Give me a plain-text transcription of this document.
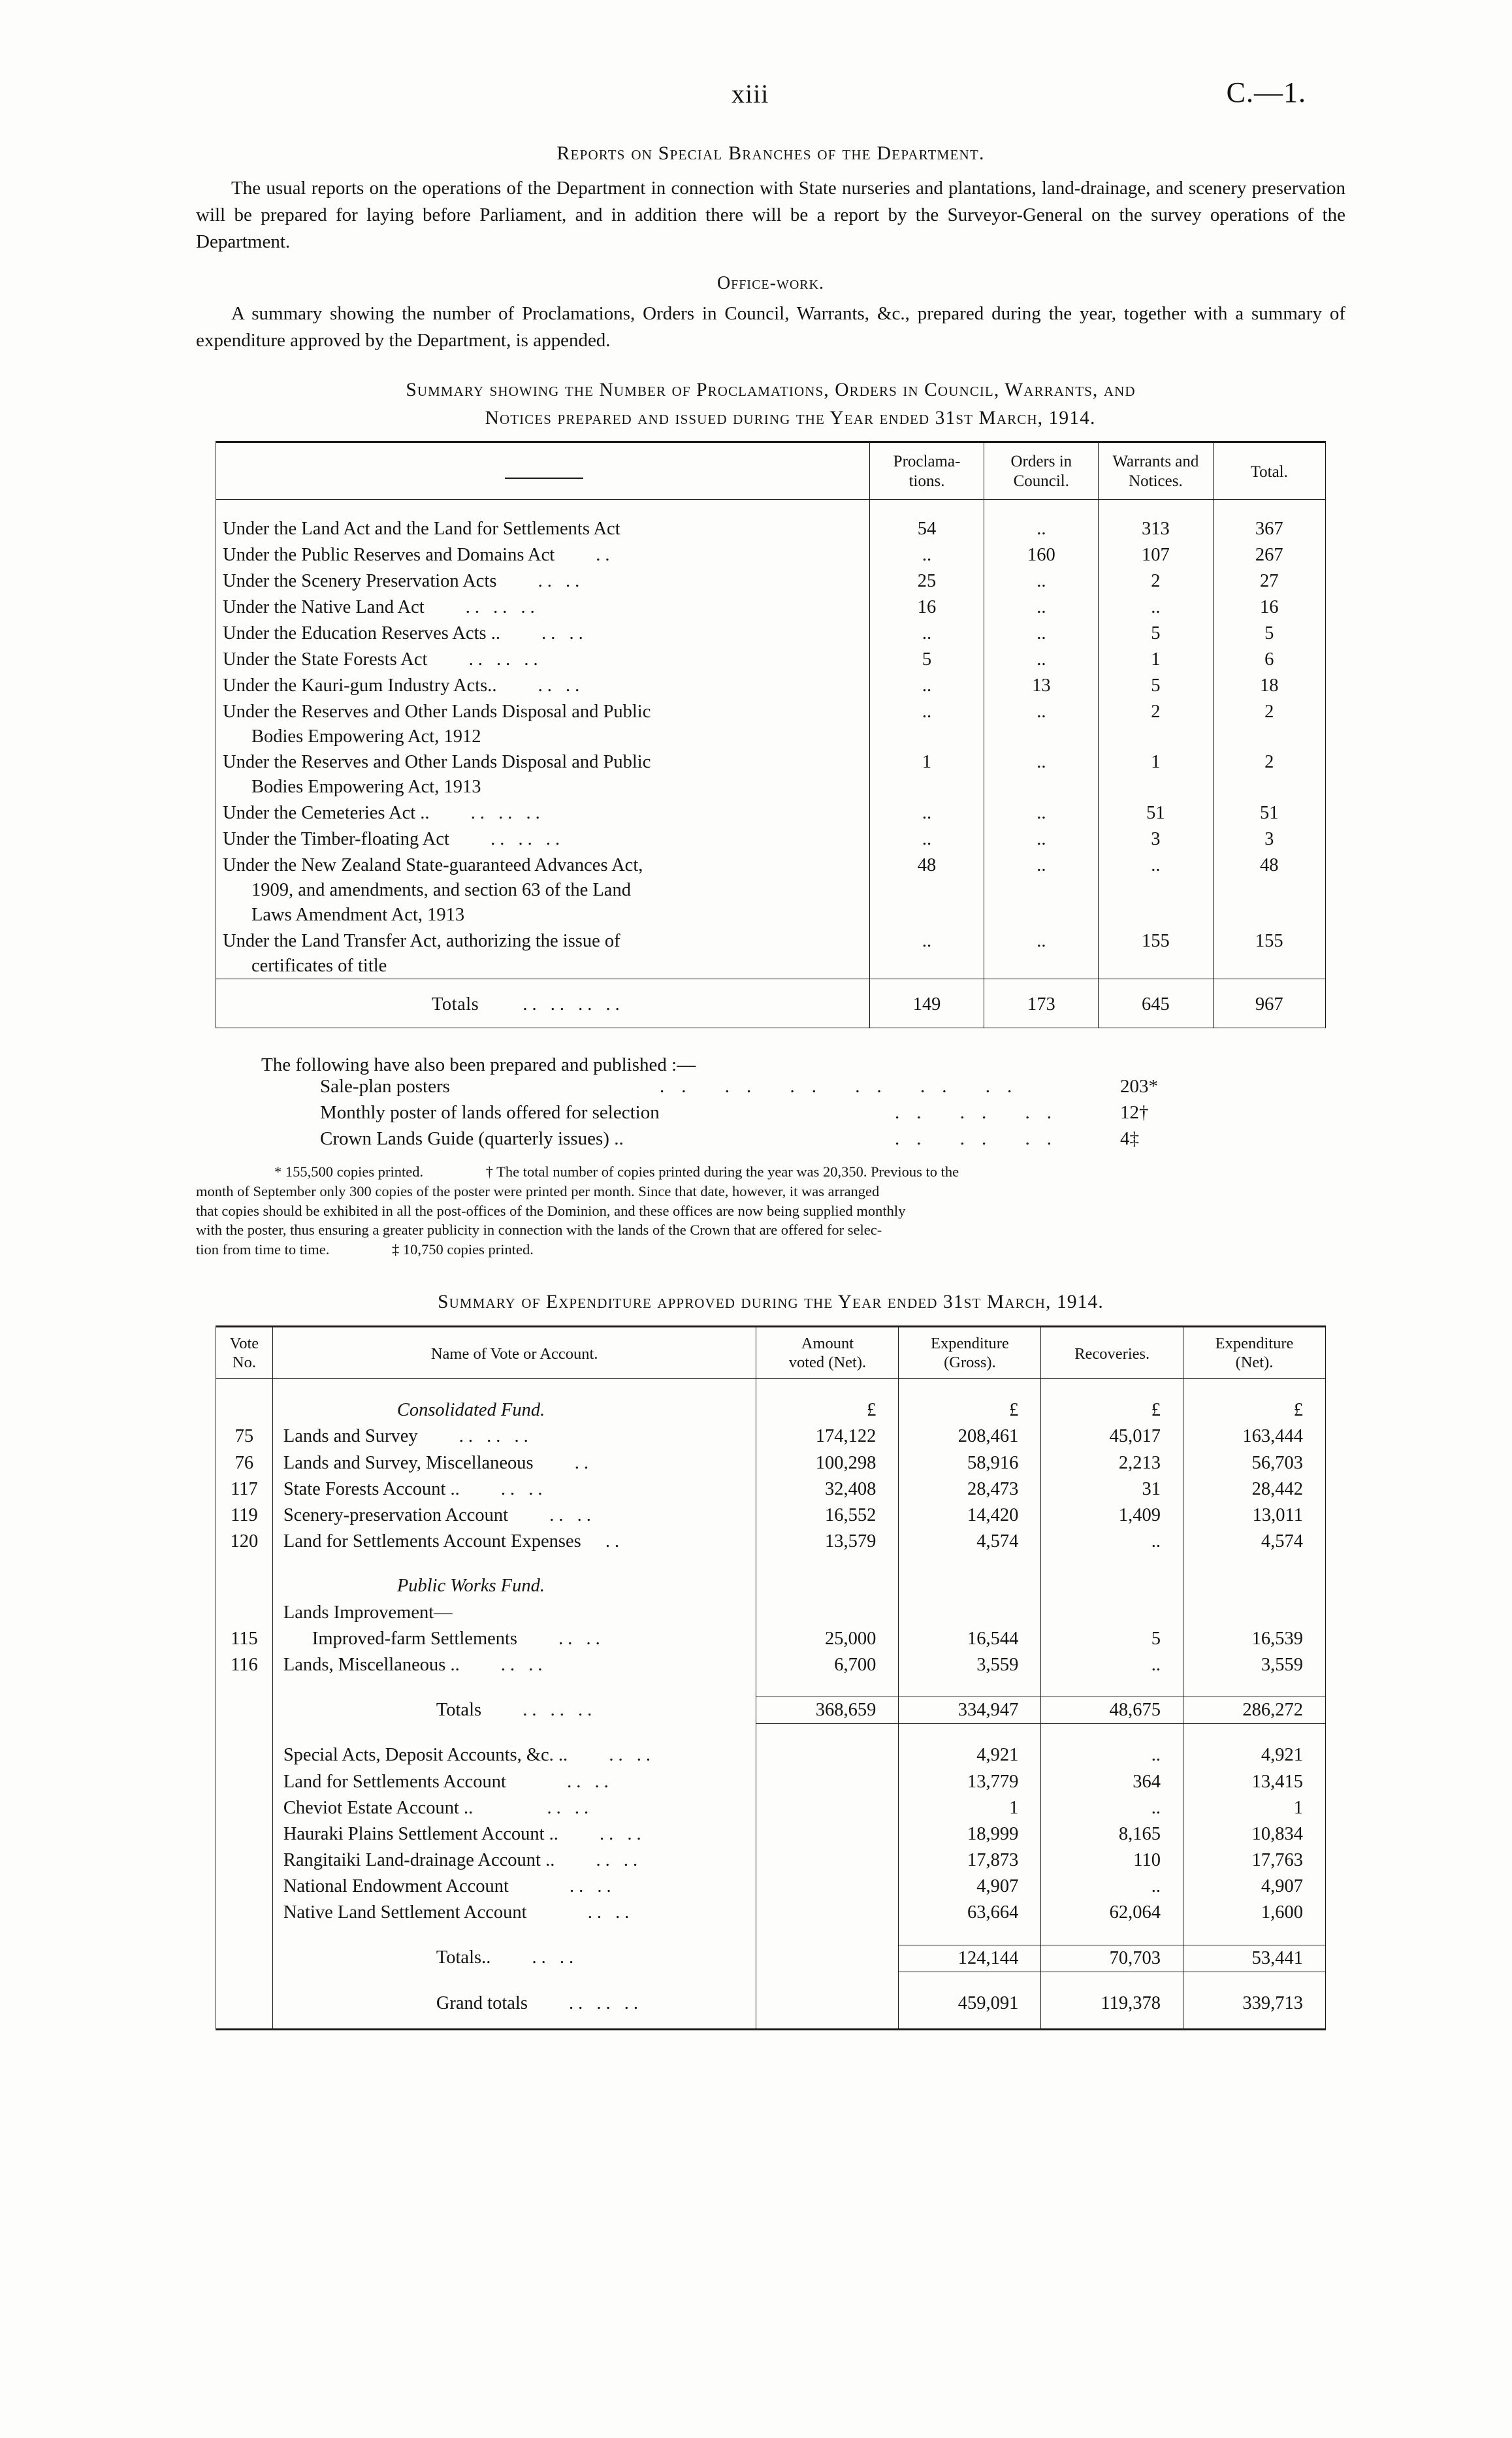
xiii	C.—1.
Reports on Special Branches of the Department.

The usual reports on the operations of the Department in connection with State nurseries and plantations, land-drainage, and scenery preservation will be prepared for laying before Parliament, and in addition there will be a report by the Surveyor-General on the survey operations of the Department.

Office-work.

A summary showing the number of Proclamations, Orders in Council, Warrants, &c., prepared during the year, together with a summary of expenditure approved by the Department, is appended.

Summary showing the Number of Proclamations, Orders in Council, Warrants, and
Notices prepared and issued during the Year ended 31st March, 1914.

Proclama-
tions.

Orders in
Council.

Warrants and
Notices.

Total.

Under the Land Act and the Land for Settlements Act	54	..	313	367
Under the Public Reserves and Domains Act ..	..	160	107	267
Under the Scenery Preservation Acts .. ..	25	..	2	27
Under the Native Land Act .. .. ..	16	..	..	16
Under the Education Reserves Acts .. .. ..	..	..	5	5
Under the State Forests Act .. .. ..	5	..	1	6
Under the Kauri-gum Industry Acts.. .. ..	..	13	5	18

Under the Reserves and Other Lands Disposal and Public
Bodies Empowering Act, 1912	..	..	2	2

Under the Reserves and Other Lands Disposal and Public
Bodies Empowering Act, 1913	1	..	1	2
Under the Cemeteries Act .. .. .. ..	..	..	51	51
Under the Timber-floating Act .. .. ..	..	..	3	3

Under the New Zealand State-guaranteed Advances Act,
1909, and amendments, and section 63 of the Land
Laws Amendment Act, 1913	48	..	..	48

Under the Land Transfer Act, authorizing the issue of
certificates of title	..	..	155	155
Totals .. .. .. ..	149	173	645	967
The following have also been prepared and published :—
Sale-plan posters	.. .. .. .. .. ..	203*
Monthly poster of lands offered for selection	.. .. ..	12†
Crown Lands Guide (quarterly issues) ..	.. .. ..	4‡
* 155,500 copies printed.	† The total number of copies printed during the year was 20,350. Previous to the
month of September only 300 copies of the poster were printed per month. Since that date, however, it was arranged
that copies should be exhibited in all the post-offices of the Dominion, and these offices are now being supplied monthly
with the poster, thus ensuring a greater publicity in connection with the lands of the Crown that are offered for selec-
tion from time to time.	‡ 10,750 copies printed.
Summary of Expenditure approved during the Year ended 31st March, 1914.
Vote
No.	Name of Vote or Account.

Amount
voted (Net).

Expenditure
(Gross).	Recoveries.

Expenditure
(Net).

	Consolidated Fund.	£	£	£	£
75	Lands and Survey .. .. ..	174,122	208,461	45,017	163,444
76	Lands and Survey, Miscellaneous ..	100,298	58,916	2,213	56,703
117	State Forests Account .. .. ..	32,408	28,473	31	28,442
119	Scenery-preservation Account .. ..	16,552	14,420	1,409	13,011
120	Land for Settlements Account Expenses ..	13,579	4,574	..	4,574

	Public Works Fund.				
	Lands Improvement—				
115	Improved-farm Settlements .. ..	25,000	16,544	5	16,539
116	Lands, Miscellaneous .. .. ..	6,700	3,559	..	3,559

	Totals .. .. ..	368,659	334,947	48,675	286,272

	Special Acts, Deposit Accounts, &c. .. .. ..		4,921	..	4,921
	Land for Settlements Account .. ..		13,779	364	13,415
	Cheviot Estate Account .. .. ..		1	..	1
	Hauraki Plains Settlement Account .. .. ..		18,999	8,165	10,834
	Rangitaiki Land-drainage Account .. .. ..		17,873	110	17,763
	National Endowment Account .. ..		4,907	..	4,907
	Native Land Settlement Account .. ..		63,664	62,064	1,600

	Totals.. .. ..		124,144	70,703	53,441

	Grand totals .. .. ..		459,091	119,378	339,713
